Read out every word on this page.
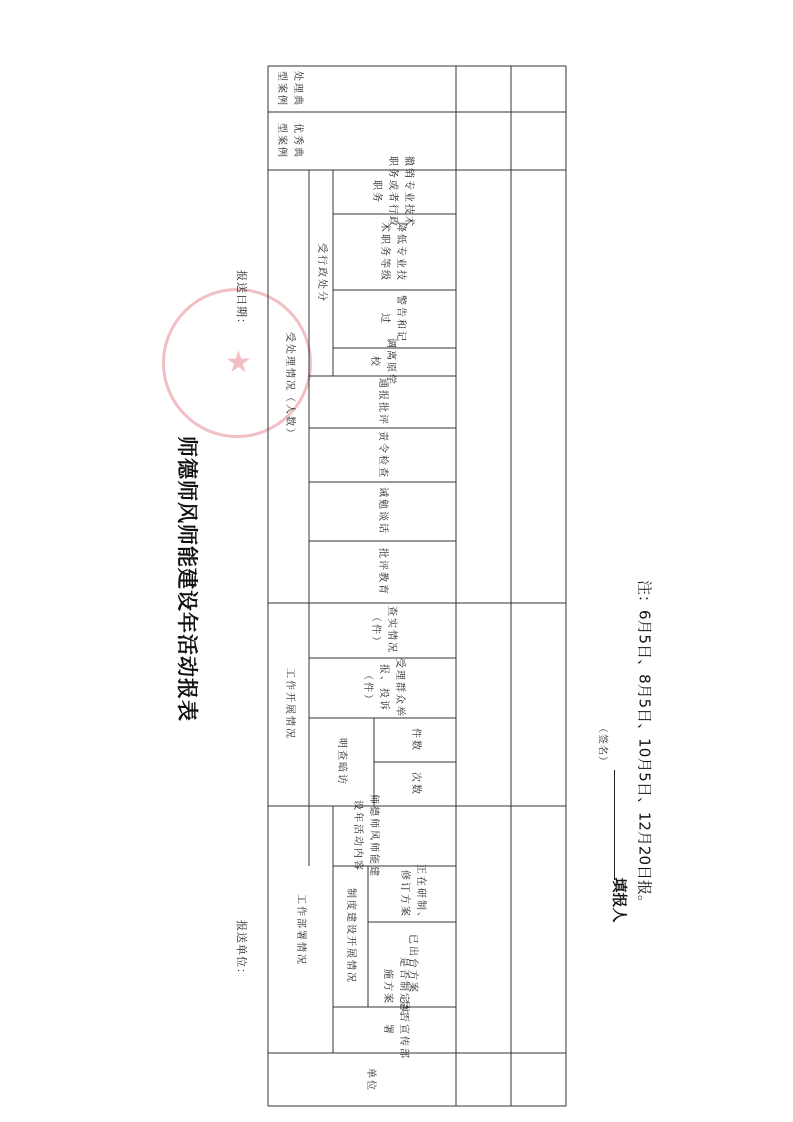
★
师德师风师能建设年活动报表
报送单位：
报送日期：
单位
工作部署情况
是否宣传部署
是否制定实施方案
制度建设开展情况	已出台方案
正在研制、修订方案
师德师风师能建设年活动内容
工作开展情况
明查暗访	次数
件数
受理群众举报、投诉（件）
查实情况（件）
受处理情况（人数）
批评教育
诫勉谈话
责令检查
通报批评
调离原学校
受行政处分
警告和记过
降低专业技术职务等级
撤销专业技术职务或者行政职务
优秀典型案例
处理典型案例
填报人
（签名） 注：6月5日、8月5日、10月5日、12月20日报。
